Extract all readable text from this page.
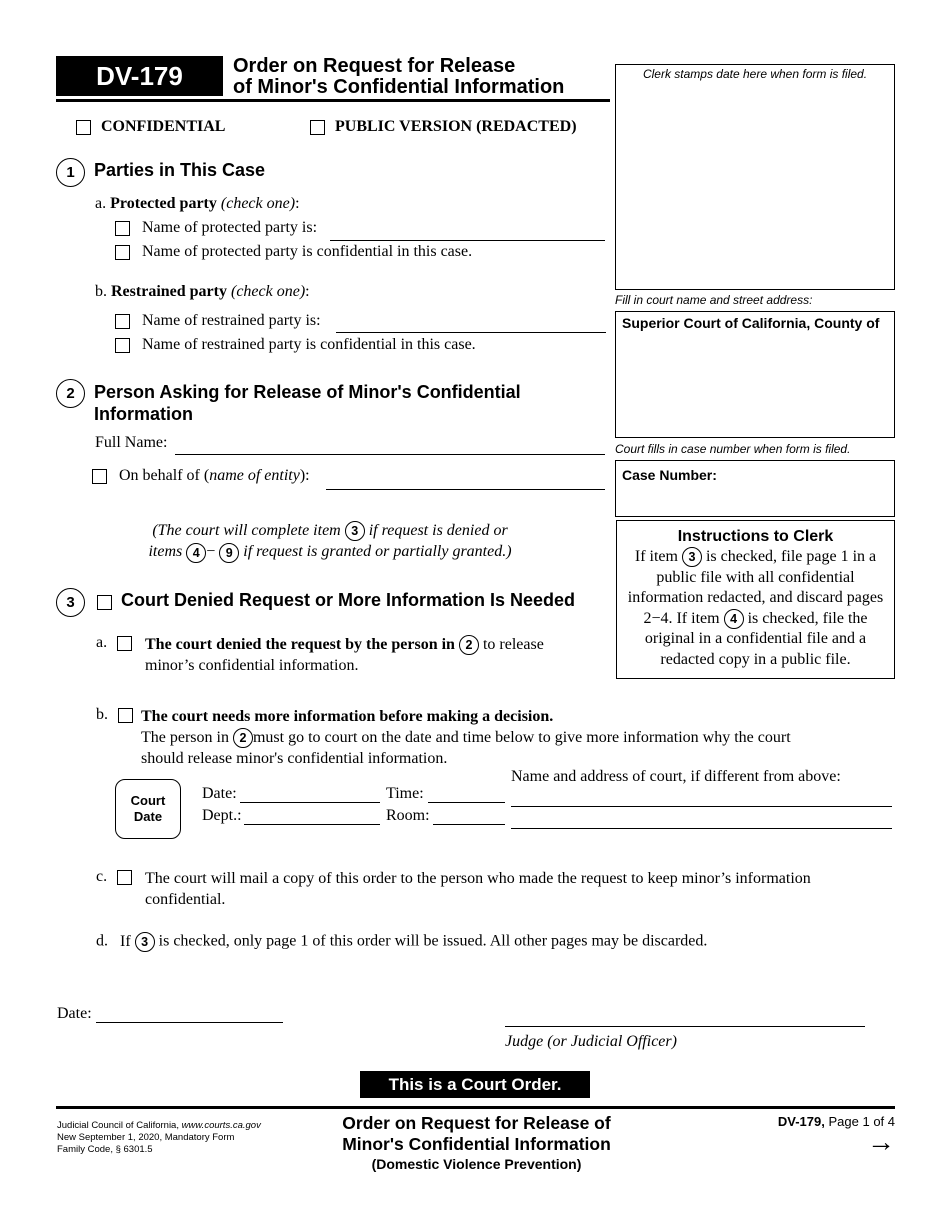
DV-179	Order on Request for Release
of Minor's Confidential Information
CONFIDENTIAL	PUBLIC VERSION (REDACTED)
Clerk stamps date here when form is filed.
Fill in court name and street address:
Superior Court of California, County of
Court fills in case number when form is filed.
Case Number:
Instructions to Clerk
If item 3 is checked, file page 1 in a
public file with all confidential
information redacted, and discard pages
2−4. If item 4 is checked, file the
original in a confidential file and a
redacted copy in a public file.
1	Parties in This Case
a. Protected party (check one):
Name of protected party is:
Name of protected party is confidential in this case.
b. Restrained party (check one):
Name of restrained party is:
Name of restrained party is confidential in this case.
2	Person Asking for Release of Minor's Confidential
Information
Full Name:
On behalf of (name of entity):
(The court will complete item 3 if request is denied or
items 4 − 9 if request is granted or partially granted.)
3	Court Denied Request or More Information Is Needed
a.	The court denied the request by the person in 2 to release
minor’s confidential information.
b.	The court needs more information before making a decision.
The person in 2 must go to court on the date and time below to give more information why the court
should release minor's confidential information.
Court
Date
Date:	Time:
Dept.:	Room:
Name and address of court, if different from above:
c.	The court will mail a copy of this order to the person who made the request to keep minor’s information
confidential.
d. If 3 is checked, only page 1 of this order will be issued. All other pages may be discarded.
Date:
Judge (or Judicial Officer)
This is a Court Order.
Judicial Council of California, www.courts.ca.gov
New September 1, 2020, Mandatory Form
Family Code, § 6301.5
Order on Request for Release of
Minor's Confidential Information
(Domestic Violence Prevention)
DV-179, Page 1 of 4
→
